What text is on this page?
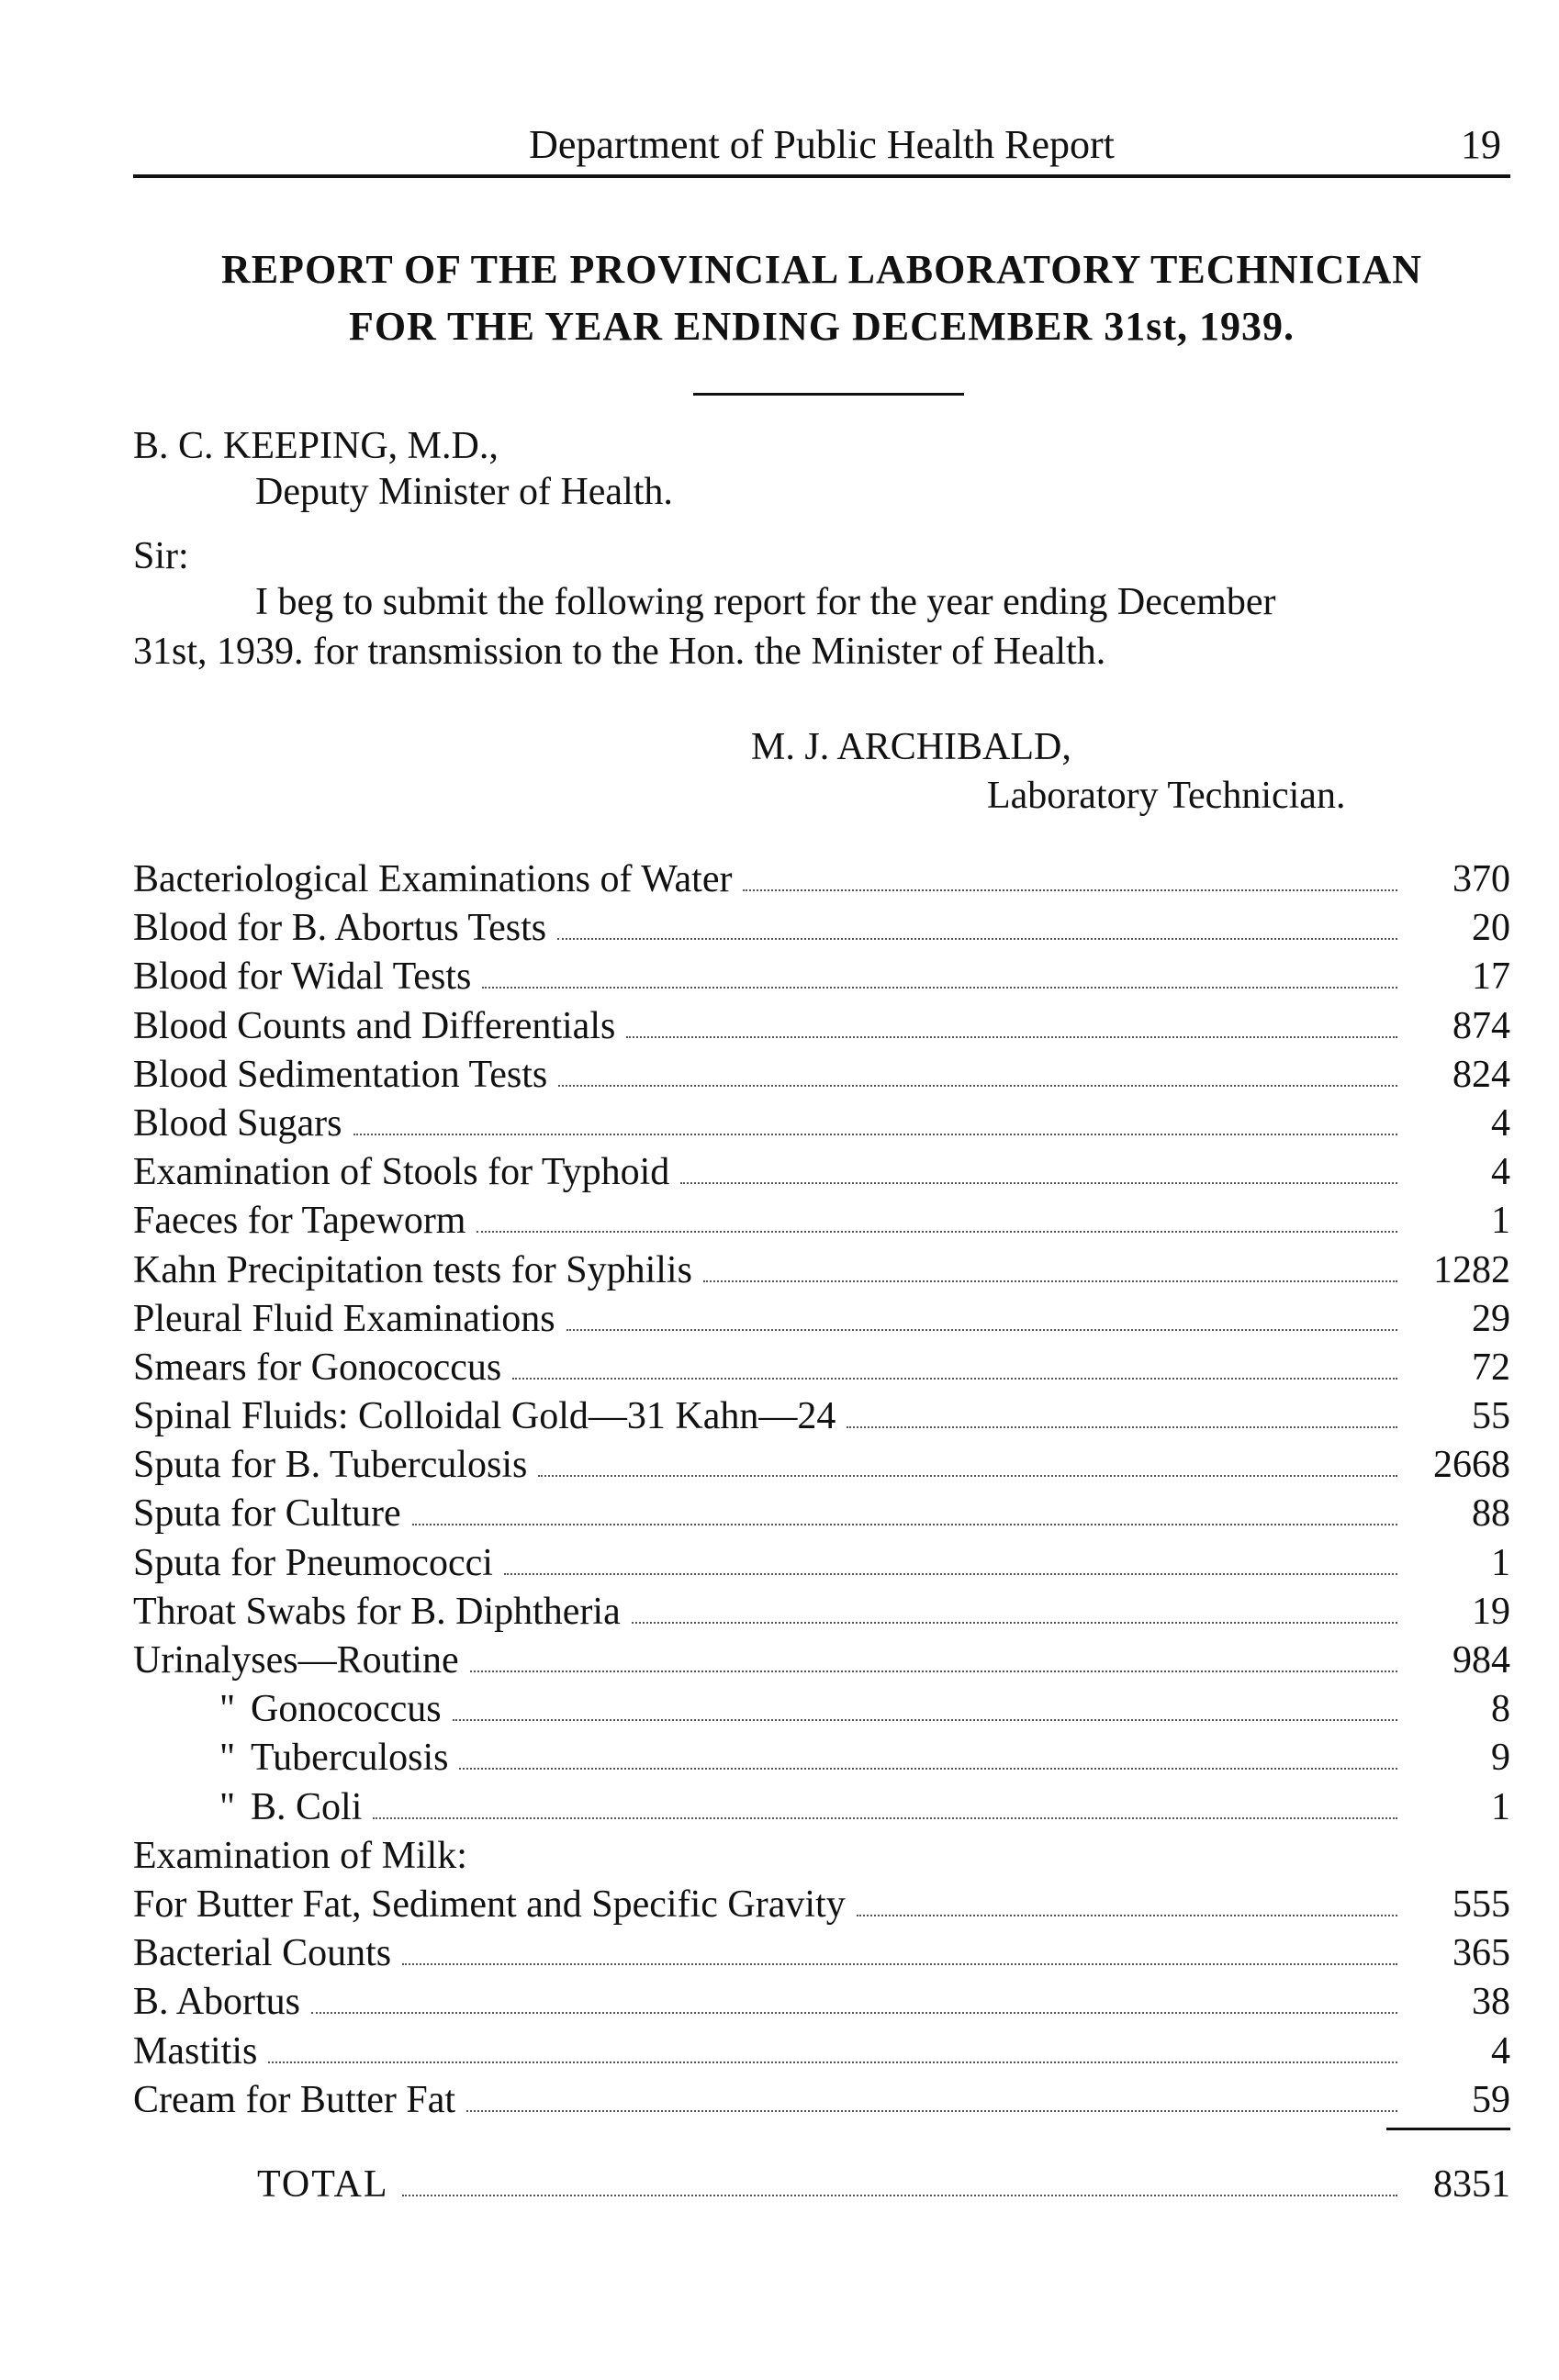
Department of Public Health Report	19
REPORT OF THE PROVINCIAL LABORATORY TECHNICIAN
FOR THE YEAR ENDING DECEMBER 31st, 1939.
B. C. KEEPING, M.D.,
Deputy Minister of Health.
Sir:
I beg to submit the following report for the year ending December
31st, 1939. for transmission to the Hon. the Minister of Health.
M. J. ARCHIBALD,
Laboratory Technician.
Bacteriological Examinations of Water	370
Blood for B. Abortus Tests	20
Blood for Widal Tests	17
Blood Counts and Differentials	874
Blood Sedimentation Tests	824
Blood Sugars	4
Examination of Stools for Typhoid	4
Faeces for Tapeworm	1
Kahn Precipitation tests for Syphilis	1282
Pleural Fluid Examinations	29
Smears for Gonococcus	72
Spinal Fluids: Colloidal Gold—31 Kahn—24	55
Sputa for B. Tuberculosis	2668
Sputa for Culture	88
Sputa for Pneumococci	1
Throat Swabs for B. Diphtheria	19
Urinalyses—Routine	984
" Gonococcus	8
" Tuberculosis	9
" B. Coli	1
Examination of Milk:
For Butter Fat, Sediment and Specific Gravity	555
Bacterial Counts	365
B. Abortus	38
Mastitis	4
Cream for Butter Fat	59
TOTAL	8351
